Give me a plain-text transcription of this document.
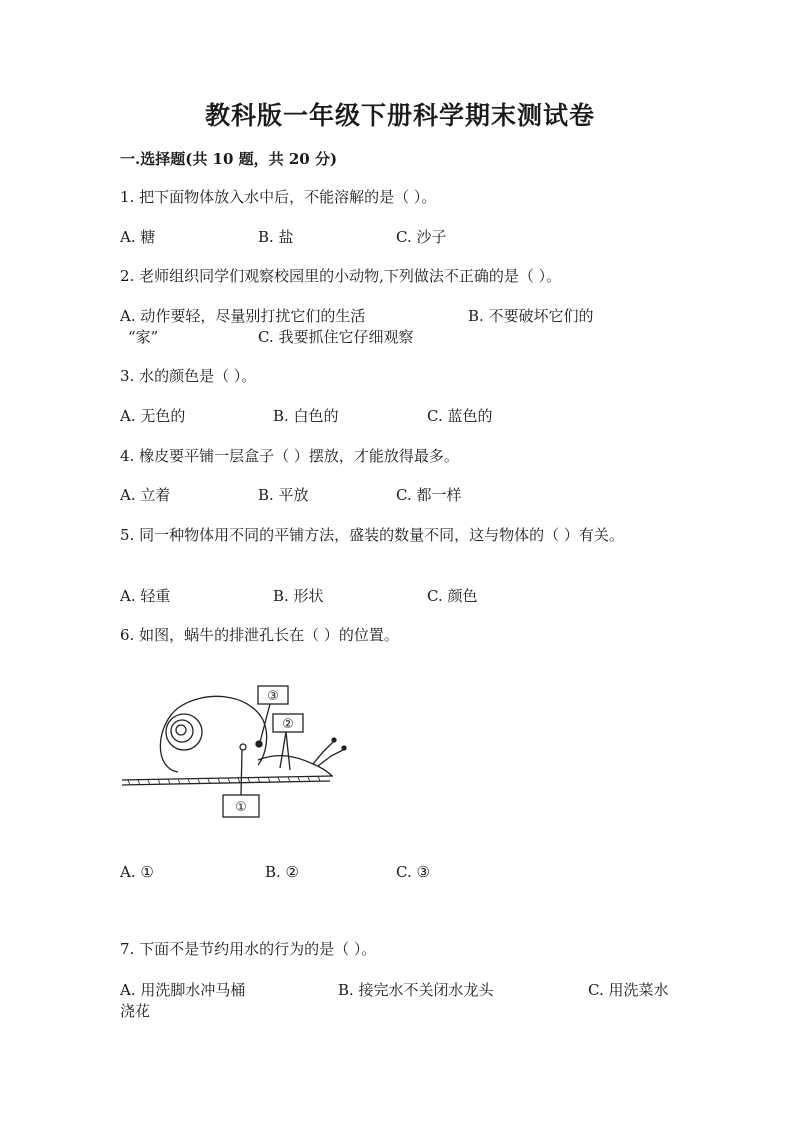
教科版一年级下册科学期末测试卷
一.选择题(共 10 题，共 20 分)
1. 把下面物体放入水中后，不能溶解的是（ ）。
A. 糖	B. 盐	C. 沙子
2. 老师组织同学们观察校园里的小动物,下列做法不正确的是（ ）。
A. 动作要轻，尽量别打扰它们的生活	B. 不要破坏它们的
“家”	C. 我要抓住它仔细观察
3. 水的颜色是（ ）。
A. 无色的	B. 白色的	C. 蓝色的
4. 橡皮要平铺一层盒子（ ）摆放，才能放得最多。
A. 立着	B. 平放	C. 都一样
5. 同一种物体用不同的平铺方法，盛装的数量不同，这与物体的（ ）有关。
A. 轻重	B. 形状	C. 颜色
6. 如图，蜗牛的排泄孔长在（ ）的位置。
③
②
①
A. ①	B. ②	C. ③
7. 下面不是节约用水的行为的是（ ）。
A. 用洗脚水冲马桶	B. 接完水不关闭水龙头	C. 用洗菜水
浇花
